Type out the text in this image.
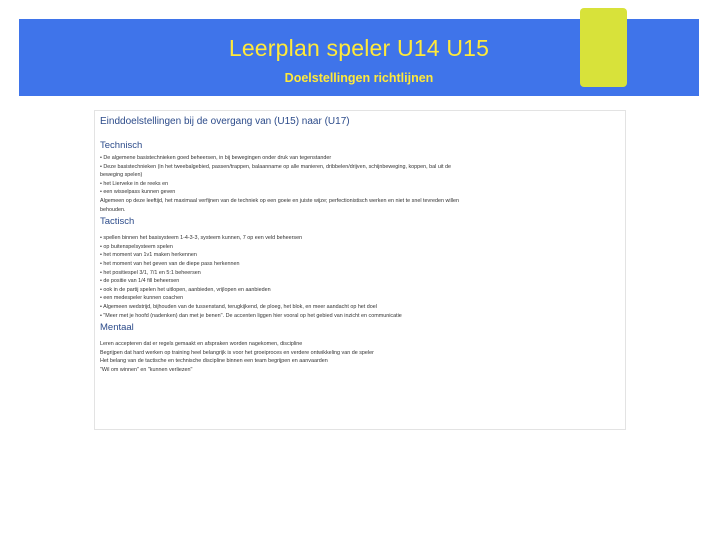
Leerplan speler U14 U15
Doelstellingen richtlijnen
Einddoelstellingen bij de overgang van (U15) naar (U17)
Technisch
• De algemene basistechnieken goed beheersen, in bij bewegingen onder druk van tegenstander
• Deze basistechnieken (in het tweebalgebied, passen/trappen, balaanname op alle manieren, dribbelen/drijven, schijnbeweging, koppen, bal uit de
beweging spelen)
• het Lierveke in de reeks en
• een wisselpass kunnen geven
Algemeen op deze leeftijd, het maximaal verfijnen van de techniek op een goeie en juiste wijze; perfectionistisch werken en niet te snel tevreden willen
behouden.
Tactisch
• spellen binnen het basisysteem 1-4-3-3, systeem kunnen, 7 op een veld beheersen
• op buitenspelsysteem spelen
• het moment van 1v1 maken herkennen
• het moment van het geven van de diepe pass herkennen
• het positiespel 3/1, 7/1 en 5:1 beheersen
• de positie van 1/4 fill beheersen
• ook in de partij spelen het uitlopen, aanbieden, vrijlopen en aanbieden
• een medespeler kunnen coachen
• Algemeen wedstrijd, bijhouden van de tussenstand, terugkijkend, de ploeg, het blok, en meer aandacht op het doel
• "Meer met je hoofd (nadenken) dan met je benen". De accenten liggen hier vooral op het gebied van inzicht en communicatie
Mentaal
Leren accepteren dat er regels gemaakt en afspraken worden nagekomen, discipline
Begrijpen dat hard werken op training heel belangrijk is voor het groeiproces en verdere ontwikkeling van de speler
Het belang van de tactische en technische discipline binnen een team begrijpen en aanvaarden
"Wil om winnen" en "kunnen verliezen"
